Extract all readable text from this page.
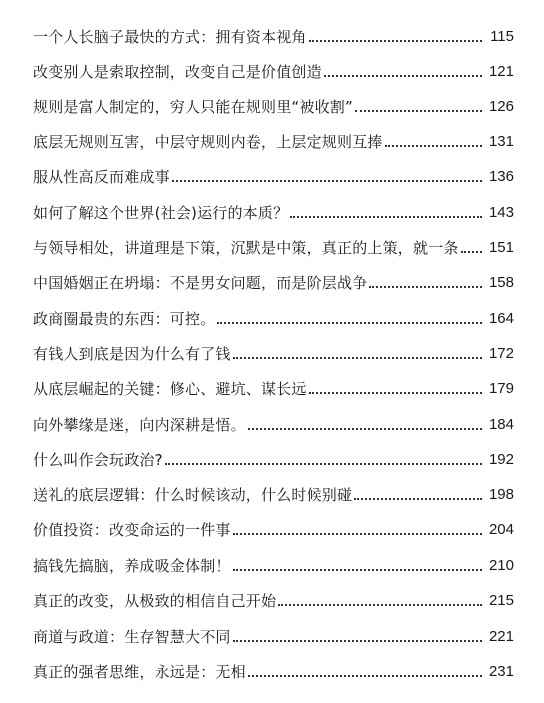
一个人长脑子最快的方式：拥有资本视角	115
改变别人是索取控制，改变自己是价值创造	121
规则是富人制定的，穷人只能在规则里“被收割”	126
底层无规则互害，中层守规则内卷，上层定规则互捧	131
服从性高反而难成事	136
如何了解这个世界(社会)运行的本质？	143
与领导相处，讲道理是下策，沉默是中策，真正的上策，就一条	151
中国婚姻正在坍塌：不是男女问题，而是阶层战争	158
政商圈最贵的东西：可控。	164
有钱人到底是因为什么有了钱	172
从底层崛起的关键：修心、避坑、谋长远	179
向外攀缘是迷，向内深耕是悟。	184
什么叫作会玩政治?	192
送礼的底层逻辑：什么时候该动，什么时候别碰	198
价值投资：改变命运的一件事	204
搞钱先搞脑，养成吸金体制！	210
真正的改变，从极致的相信自己开始	215
商道与政道：生存智慧大不同	221
真正的强者思维，永远是：无相	231
